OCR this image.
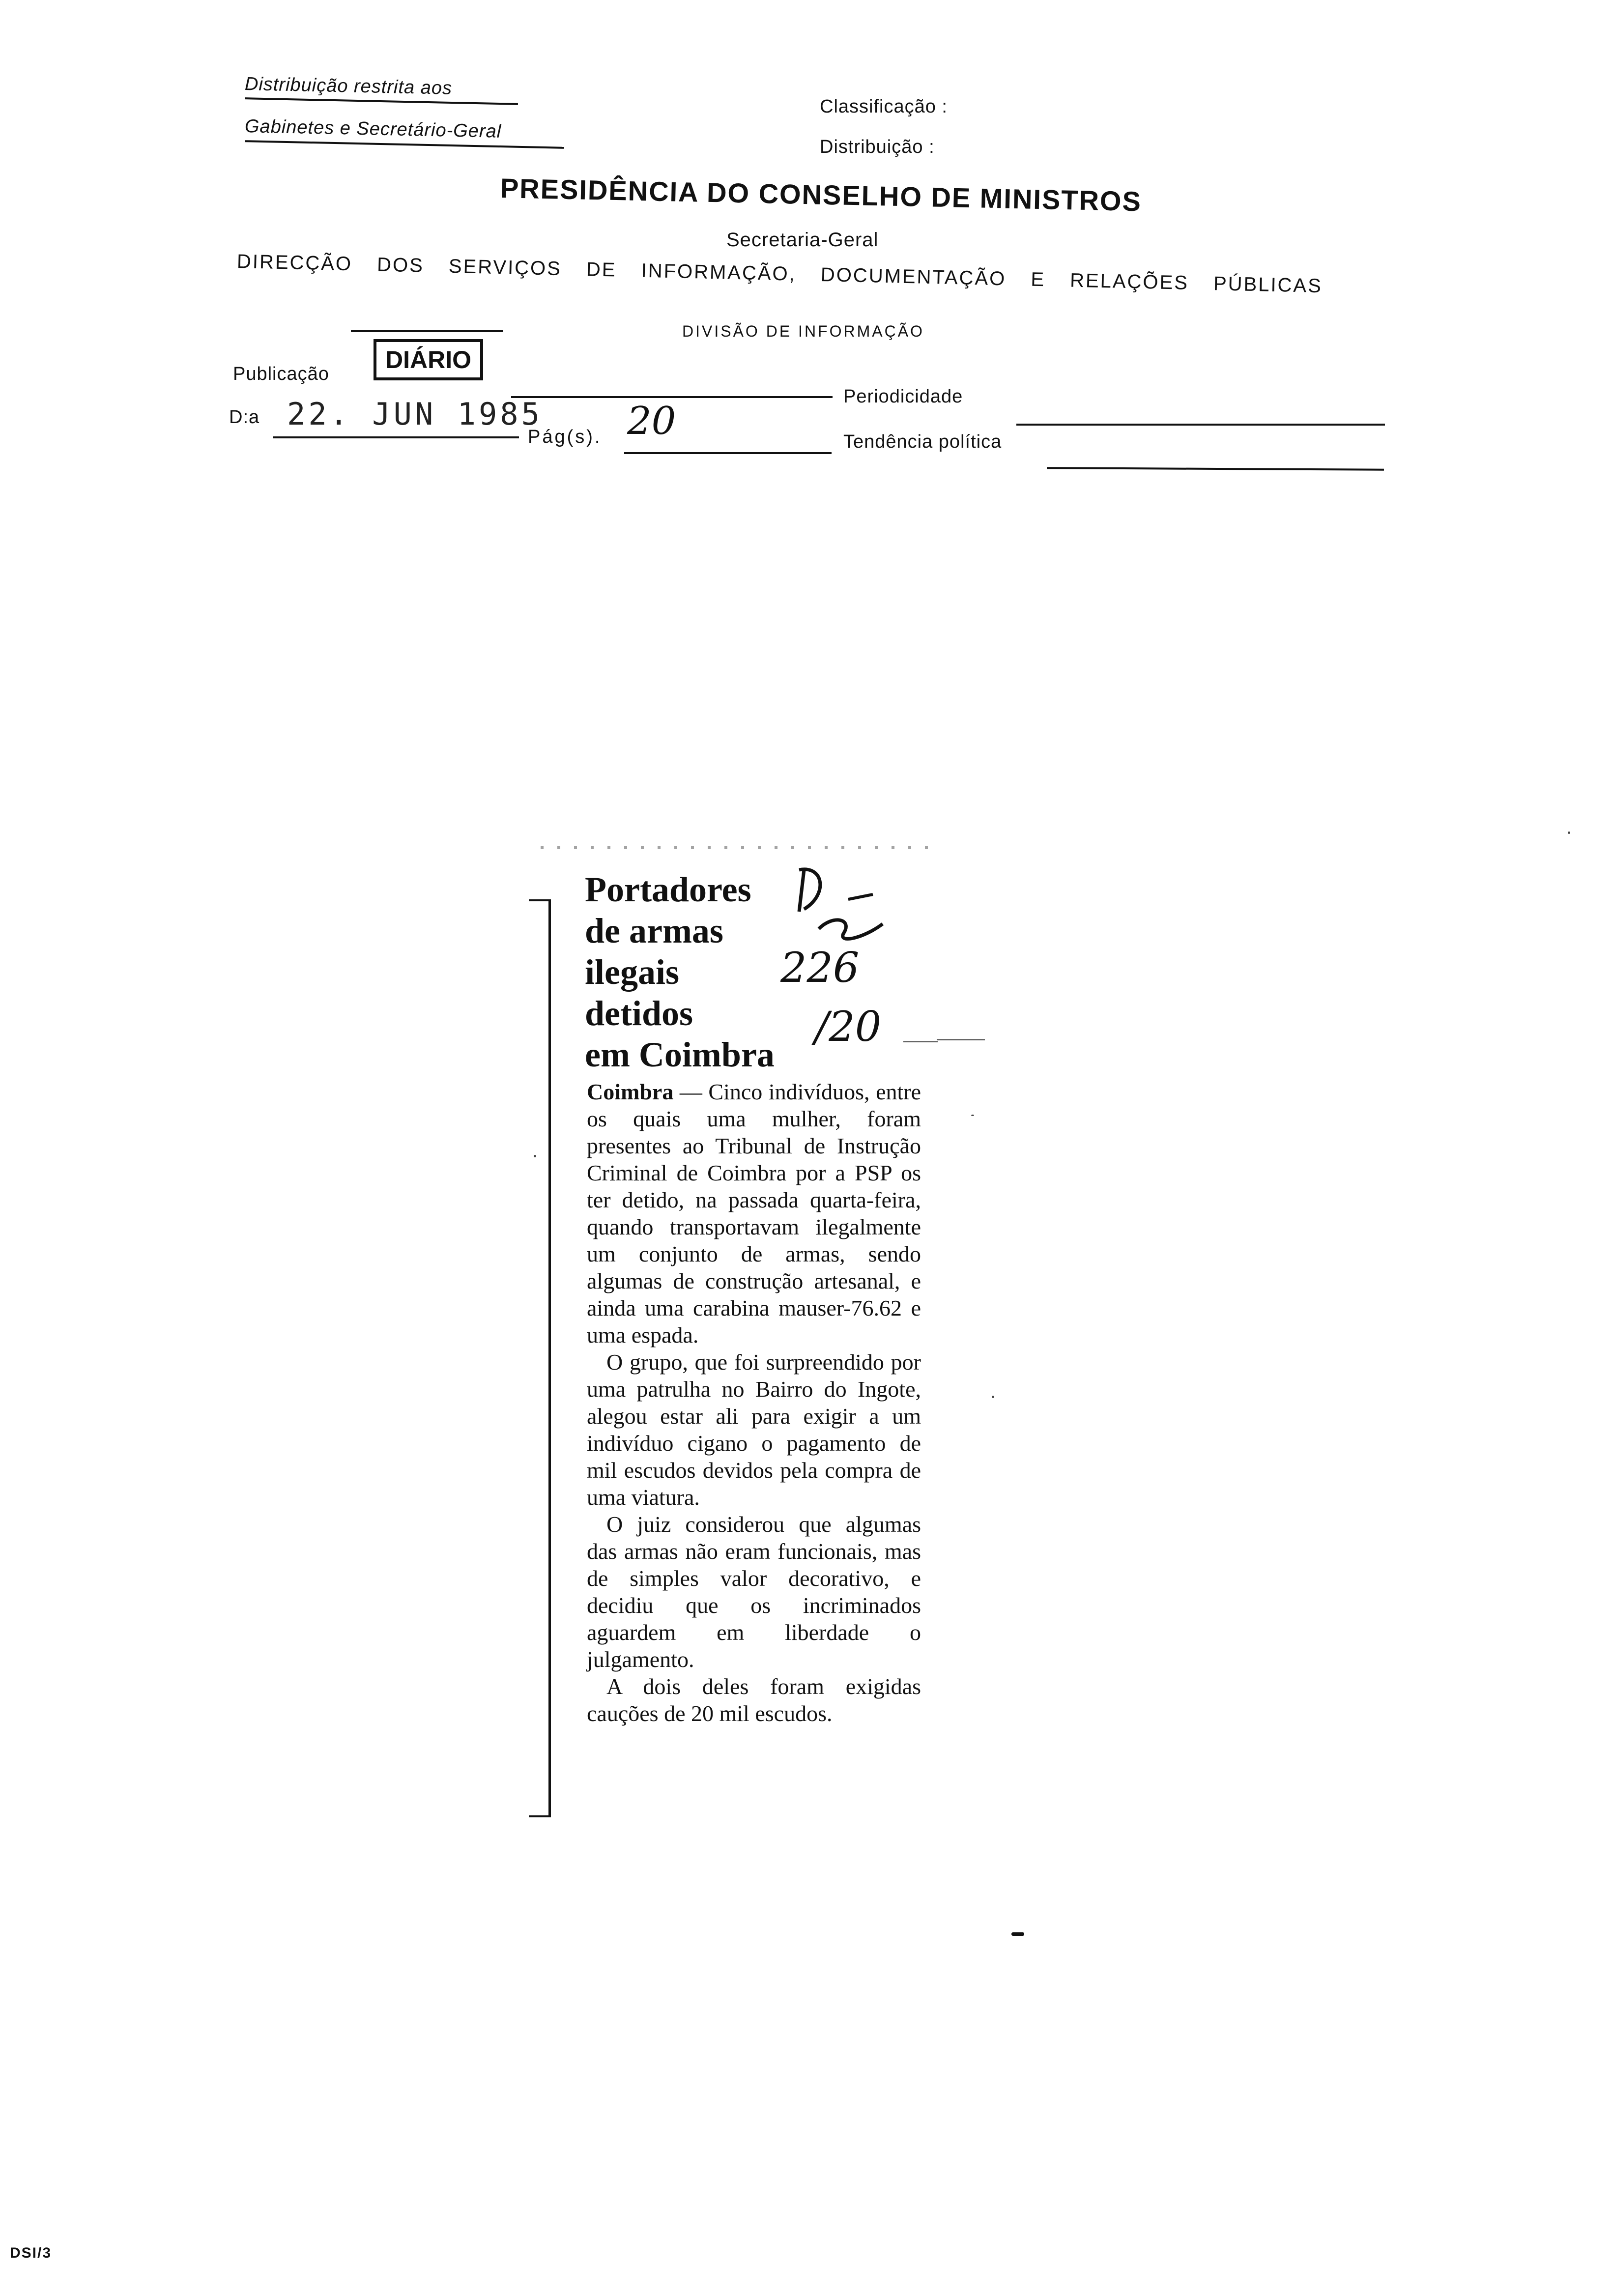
Distribuição restrita aos
Gabinetes e Secretário-Geral
Classificação :
Distribuição :
PRESIDÊNCIA DO CONSELHO DE MINISTROS
Secretaria-Geral
DIRECÇÃO DOS SERVIÇOS DE INFORMAÇÃO, DOCUMENTAÇÃO E RELAÇÕES PÚBLICAS
DIVISÃO DE INFORMAÇÃO
Publicação
DIÁRIO
Periodicidade
D:a 22. JUN 1985
Pág(s). 20	Tendência política
Portadores
de armas
ilegais
detidos
em Coimbra
226
/20

Coimbra — Cinco indivíduos, entre os quais uma mulher, foram presentes ao Tribunal de Instrução Criminal de Coimbra por a PSP os ter detido, na passada quarta-feira, quando transportavam ilegalmente um conjunto de armas, sendo algumas de construção artesanal, e ainda uma carabina mauser-76.62 e uma espada.

O grupo, que foi surpreendido por uma patrulha no Bairro do Ingote, alegou estar ali para exigir a um indivíduo cigano o pagamento de mil escudos devidos pela compra de uma viatura.

O juiz considerou que algumas das armas não eram funcionais, mas de simples valor decorativo, e decidiu que os incriminados aguardem em liberdade o julgamento.

A dois deles foram exigidas cauções de 20 mil escudos.

DSI/3
